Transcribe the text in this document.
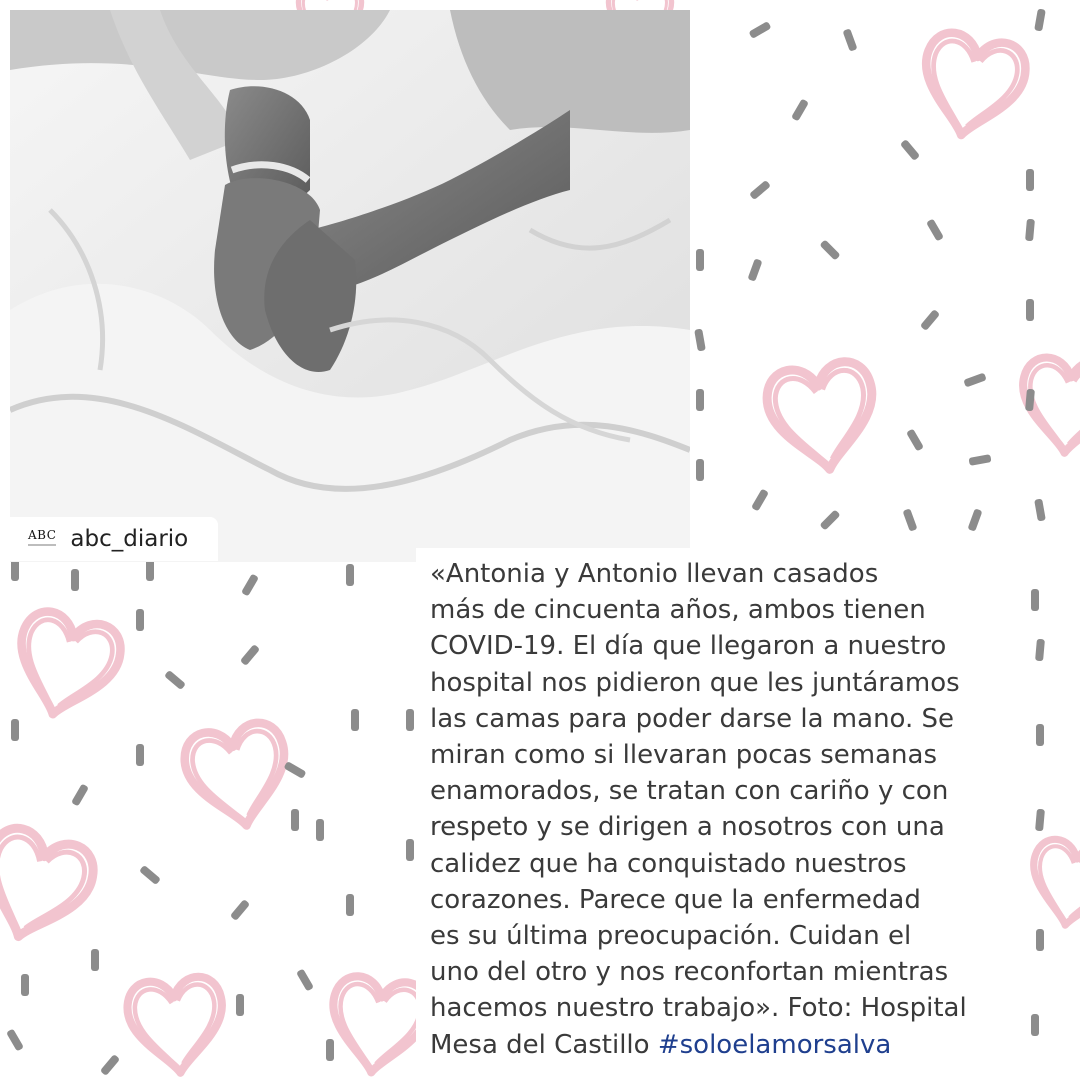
ABC abc_diario

«Antonia y Antonio llevan casados
más de cincuenta años, ambos tienen
COVID-19. El día que llegaron a nuestro
hospital nos pidieron que les juntáramos
las camas para poder darse la mano. Se
miran como si llevaran pocas semanas
enamorados, se tratan con cariño y con
respeto y se dirigen a nosotros con una
calidez que ha conquistado nuestros
corazones. Parece que la enfermedad
es su última preocupación. Cuidan el
uno del otro y nos reconfortan mientras
hacemos nuestro trabajo». Foto: Hospital
Mesa del Castillo #soloelamorsalva
